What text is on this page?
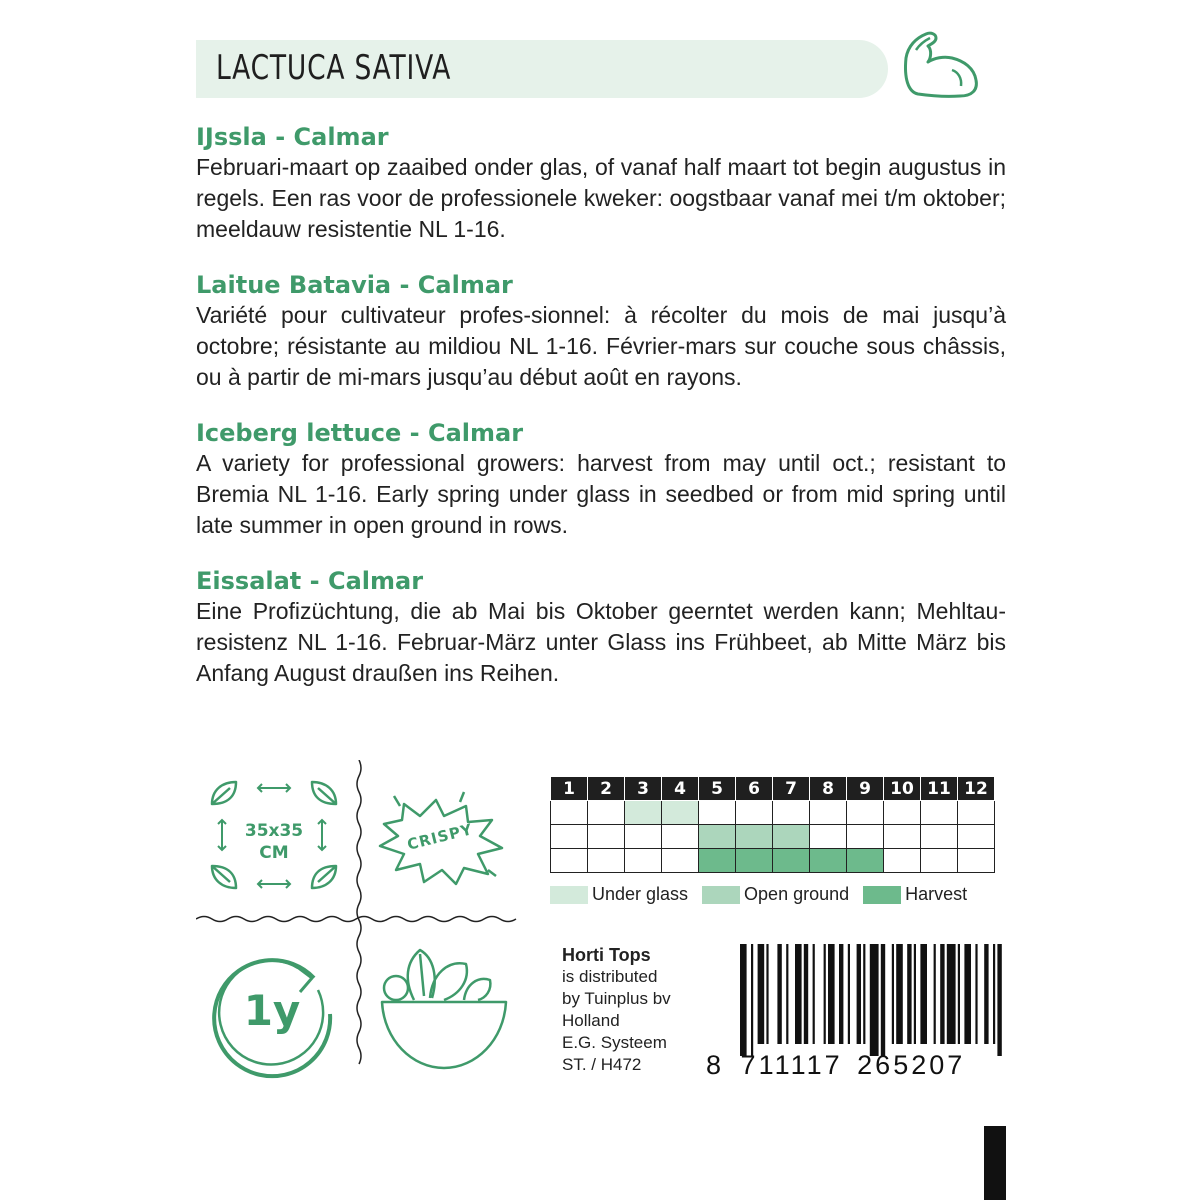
LACTUCA SATIVA
IJssla - Calmar
Februari-maart op zaaibed onder glas, of vanaf half maart tot begin augustus in regels. Een ras voor de professionele kweker: oogstbaar vanaf mei t/m oktober; meeldauw resistentie NL 1-16.
Laitue Batavia - Calmar
Variété pour cultivateur profes-sionnel: à récolter du mois de mai jusqu’à octobre; résistante au mildiou NL 1-16. Février-mars sur couche sous châssis, ou à partir de mi-mars jusqu’au début août en rayons.
Iceberg lettuce - Calmar
A variety for professional growers: harvest from may until oct.; resistant to Bremia NL 1-16. Early spring under glass in seedbed or from mid spring until late summer in open ground in rows.
Eissalat - Calmar
Eine Profizüchtung, die ab Mai bis Oktober geerntet werden kann; Mehltau-resistenz NL 1-16. Februar-März unter Glass ins Frühbeet, ab Mitte März bis Anfang August draußen ins Reihen.
35x35
CM	CRISPY
1y
1	2	3	4	5	6	7	8	9	10	11	12

Under glass	Open ground	Harvest
Horti Tops
is distributed
by Tuinplus bv
Holland
E.G. Systeem
ST. / H472	8 711117 265207
